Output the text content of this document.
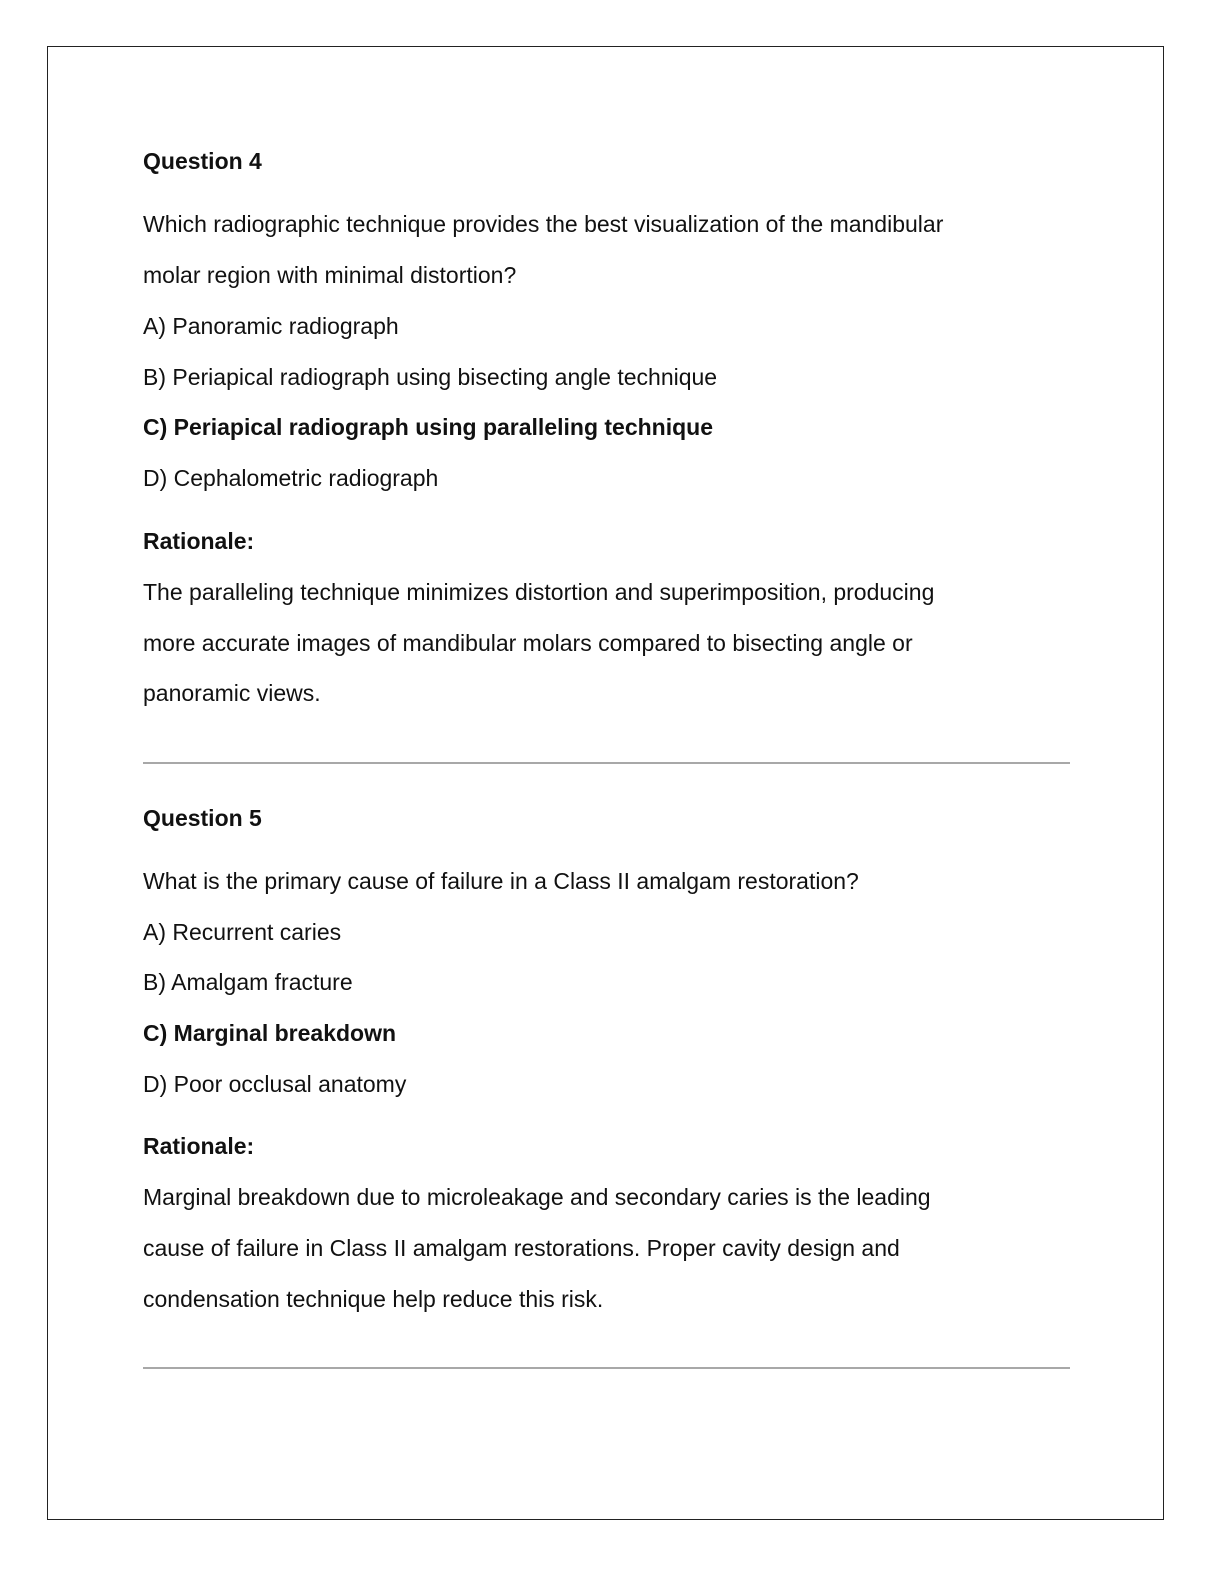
Question 4
Which radiographic technique provides the best visualization of the mandibular
molar region with minimal distortion?
A) Panoramic radiograph
B) Periapical radiograph using bisecting angle technique
C) Periapical radiograph using paralleling technique
D) Cephalometric radiograph
Rationale:
The paralleling technique minimizes distortion and superimposition, producing
more accurate images of mandibular molars compared to bisecting angle or
panoramic views.
Question 5
What is the primary cause of failure in a Class II amalgam restoration?
A) Recurrent caries
B) Amalgam fracture
C) Marginal breakdown
D) Poor occlusal anatomy
Rationale:
Marginal breakdown due to microleakage and secondary caries is the leading
cause of failure in Class II amalgam restorations. Proper cavity design and
condensation technique help reduce this risk.
